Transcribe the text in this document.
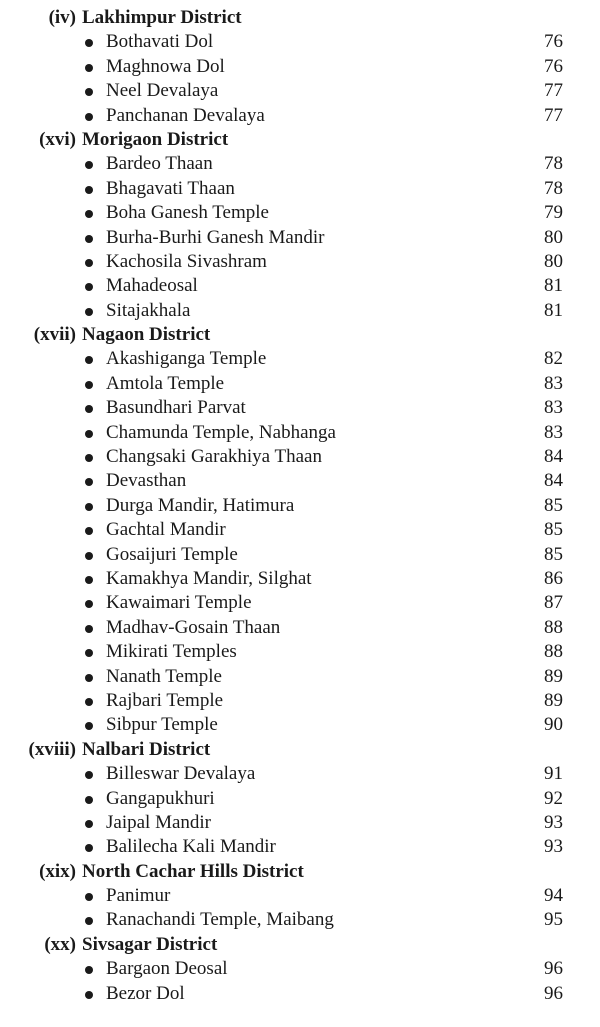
(iv) Lakhimpur District
Bothavati Dol	76
Maghnowa Dol	76
Neel Devalaya	77
Panchanan Devalaya	77
(xvi) Morigaon District
Bardeo Thaan	78
Bhagavati Thaan	78
Boha Ganesh Temple	79
Burha-Burhi Ganesh Mandir	80
Kachosila Sivashram	80
Mahadeosal	81
Sitajakhala	81
(xvii) Nagaon District
Akashiganga Temple	82
Amtola Temple	83
Basundhari Parvat	83
Chamunda Temple, Nabhanga	83
Changsaki Garakhiya Thaan	84
Devasthan	84
Durga Mandir, Hatimura	85
Gachtal Mandir	85
Gosaijuri Temple	85
Kamakhya Mandir, Silghat	86
Kawaimari Temple	87
Madhav-Gosain Thaan	88
Mikirati Temples	88
Nanath Temple	89
Rajbari Temple	89
Sibpur Temple	90
(xviii) Nalbari District
Billeswar Devalaya	91
Gangapukhuri	92
Jaipal Mandir	93
Balilecha Kali Mandir	93
(xix) North Cachar Hills District
Panimur	94
Ranachandi Temple, Maibang	95
(xx) Sivsagar District
Bargaon Deosal	96
Bezor Dol	96
